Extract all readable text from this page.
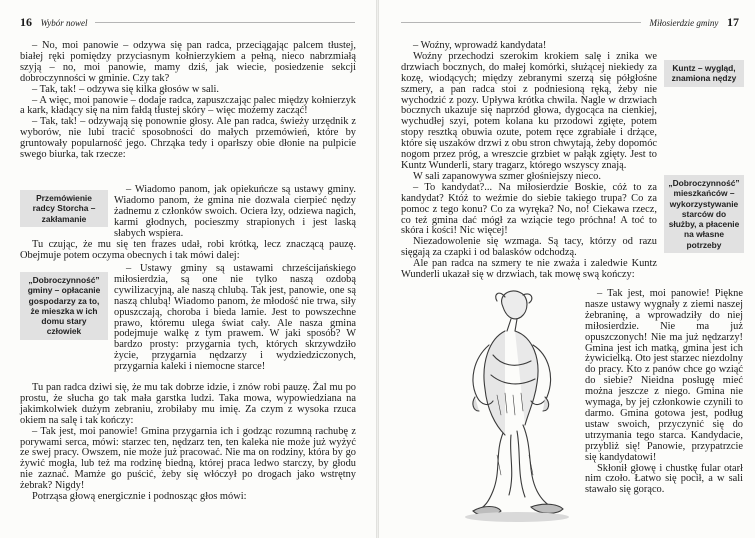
16 Wybór nowel

– No, moi panowie – odzywa się pan radca, przeciągając palcem tłustej, białej ręki pomiędzy przyciasnym kołnierzykiem a pełną, nieco nabrzmiałą szyją – no, moi panowie, mamy dziś, jak wiecie, posiedzenie sekcji dobroczynności w gminie. Czy tak?

– Tak, tak! – odzywa się kilka głosów w sali.

– A więc, moi panowie – dodaje radca, zapuszczając palec między kołnierzyk a kark, kładący się na nim fałdą tłustej skóry – więc możemy zacząć!

– Tak, tak! – odzywają się ponownie głosy. Ale pan radca, świeży urzędnik z wyborów, nie lubi tracić sposobności do małych przemówień, które by gruntowały popularność jego. Chrząka tedy i oparłszy obie dłonie na pulpicie swego biurka, tak rzecze:

Przemówienie radcy Storcha – zakłamanie

– Wiadomo panom, jak opiekuńcze są ustawy gminy. Wiadomo panom, że gmina nie dozwala cierpieć nędzy żadnemu z członków swoich. Ociera łzy, odziewa nagich, karmi głodnych, pocieszmy strapionych i jest laską słabych wspiera.

Tu czując, że mu się ten frazes udał, robi krótką, lecz znaczącą pauzę. Obejmuje potem oczyma obecnych i tak mówi dalej:

„Dobroczynność” gminy – opłacanie gospodarzy za to, że mieszka w ich domu stary człowiek

– Ustawy gminy są ustawami chrześcijańskiego miłosierdzia, są one nie tylko naszą ozdobą cywilizacyjną, ale naszą chlubą. Tak jest, panowie, one są naszą chlubą! Wiadomo panom, że młodość nie trwa, siły opuszczają, choroba i bieda lamie. Jest to powszechne prawo, któremu ulega świat cały. Ale nasza gmina podejmuje walkę z tym prawem. W jaki sposób? W bardzo prosty: przygarnia tych, których skrzywdziło życie, przygarnia nędzarzy i wydziedziczonych, przygarnia kaleki i niemocne starce!

Tu pan radca dziwi się, że mu tak dobrze idzie, i znów robi pauzę. Żal mu po prostu, że słucha go tak mała garstka ludzi. Taka mowa, wypowiedziana na jakimkolwiek dużym zebraniu, zrobiłaby mu imię. Za czym z wysoka rzuca okiem na salę i tak kończy:

– Tak jest, moi panowie! Gmina przygarnia ich i godząc rozumną rachubę z porywami serca, mówi: starzec ten, nędzarz ten, ten kaleka nie może już wyżyć ze swej pracy. Owszem, nie może już pracować. Nie ma on rodziny, która by go żywić mogła, lub też ma rodzinę biedną, której praca ledwo starczy, by głodu nie zaznać. Mamże go puścić, żeby się włóczył po drogach jako wstrętny żebrak? Nigdy!

Potrząsa głową energicznie i podnosząc głos mówi:

Miłosierdzie gminy 17

– Woźny, wprowadź kandydata!

Woźny przechodzi szerokim krokiem salę i znika we drzwiach bocznych, do małej komórki, służącej niekiedy za kozę, wiodących; między zebranymi szerzą się półgłośne szmery, a pan radca stoi z podniesioną ręką, żeby nie wychodzić z pozy. Upływa krótka chwila. Nagle w drzwiach bocznych ukazuje się naprzód głowa, dygocąca na cienkiej, wychudłej szyi, potem kolana ku przodowi zgięte, potem stopy resztką obuwia ozute, potem ręce zgrabiałe i drżące, które się uszaków drzwi z obu stron chwytają, żeby dopomóc nogom przez próg, a wreszcie grzbiet w pałąk zgięty. Jest to Kuntz Wunderli, stary tragarz, którego wszyscy znają.

W sali zapanowywa szmer głośniejszy nieco.

– To kandydat?... Na miłosierdzie Boskie, cóż to za kandydat? Któż to weźmie do siebie takiego trupa? Co za pomoc z tego konu? Co za wyręka? No, no! Ciekawa rzecz, co też gmina dać mógł za wziącie tego próchna! A toć to skóra i kości! Nic więcej!

Niezadowolenie się wzmaga. Są tacy, którzy od razu sięgają za czapki i od balasków odchodzą.

Ale pan radca na szmery te nie zważa i zaledwie Kuntz Wunderli ukazał się w drzwiach, tak mowę swą kończy:

Kuntz – wygląd, znamiona nędzy
„Dobroczynność” mieszkańców – wykorzystywanie starców do służby, a płacenie na własne potrzeby

– Tak jest, moi panowie! Piękne nasze ustawy wygnały z ziemi naszej żebraninę, a wprowadziły do niej miłosierdzie. Nie ma już opuszczonych! Nie ma już nędzarzy! Gmina jest ich matką, gmina jest ich żywicielką. Oto jest starzec niezdolny do pracy. Kto z panów chce go wziąć do siebie? Nieidna posługę mieć można jeszcze z niego. Gmina nie wymaga, by jej członkowie czynili to darmo. Gmina gotowa jest, podług ustaw swoich, przyczynić się do utrzymania tego starca. Kandydacie, przybliż się! Panowie, przypatrzcie się kandydatowi!

Skłonił głowę i chustkę fular otarł nim czoło. Łatwo się pocił, a w sali stawało się gorąco.
